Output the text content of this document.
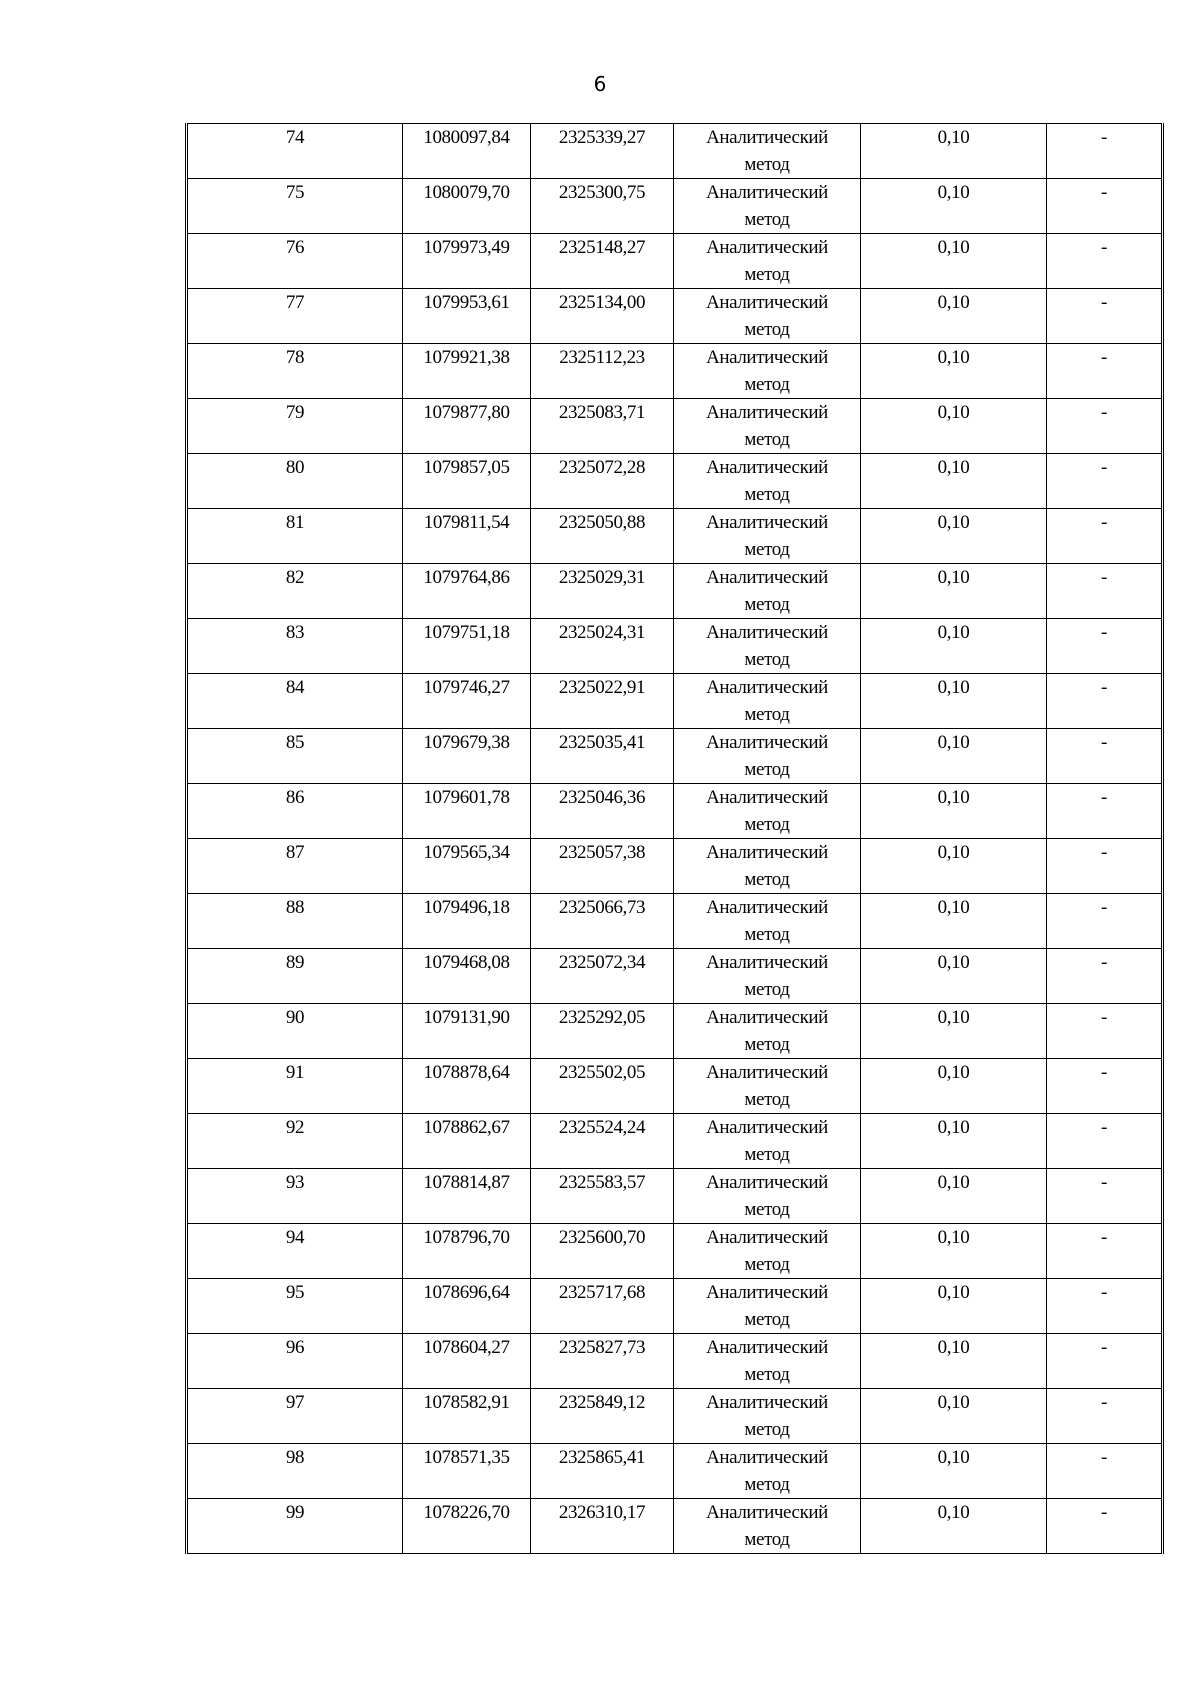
6
74	1080097,84	2325339,27	Аналитический метод	0,10	-

75	1080079,70	2325300,75	Аналитический метод	0,10	-

76	1079973,49	2325148,27	Аналитический метод	0,10	-

77	1079953,61	2325134,00	Аналитический метод	0,10	-

78	1079921,38	2325112,23	Аналитический метод	0,10	-

79	1079877,80	2325083,71	Аналитический метод	0,10	-

80	1079857,05	2325072,28	Аналитический метод	0,10	-

81	1079811,54	2325050,88	Аналитический метод	0,10	-

82	1079764,86	2325029,31	Аналитический метод	0,10	-

83	1079751,18	2325024,31	Аналитический метод	0,10	-

84	1079746,27	2325022,91	Аналитический метод	0,10	-

85	1079679,38	2325035,41	Аналитический метод	0,10	-

86	1079601,78	2325046,36	Аналитический метод	0,10	-

87	1079565,34	2325057,38	Аналитический метод	0,10	-

88	1079496,18	2325066,73	Аналитический метод	0,10	-

89	1079468,08	2325072,34	Аналитический метод	0,10	-

90	1079131,90	2325292,05	Аналитический метод	0,10	-

91	1078878,64	2325502,05	Аналитический метод	0,10	-

92	1078862,67	2325524,24	Аналитический метод	0,10	-

93	1078814,87	2325583,57	Аналитический метод	0,10	-

94	1078796,70	2325600,70	Аналитический метод	0,10	-

95	1078696,64	2325717,68	Аналитический метод	0,10	-

96	1078604,27	2325827,73	Аналитический метод	0,10	-

97	1078582,91	2325849,12	Аналитический метод	0,10	-

98	1078571,35	2325865,41	Аналитический метод	0,10	-

99	1078226,70	2326310,17	Аналитический метод	0,10	-
